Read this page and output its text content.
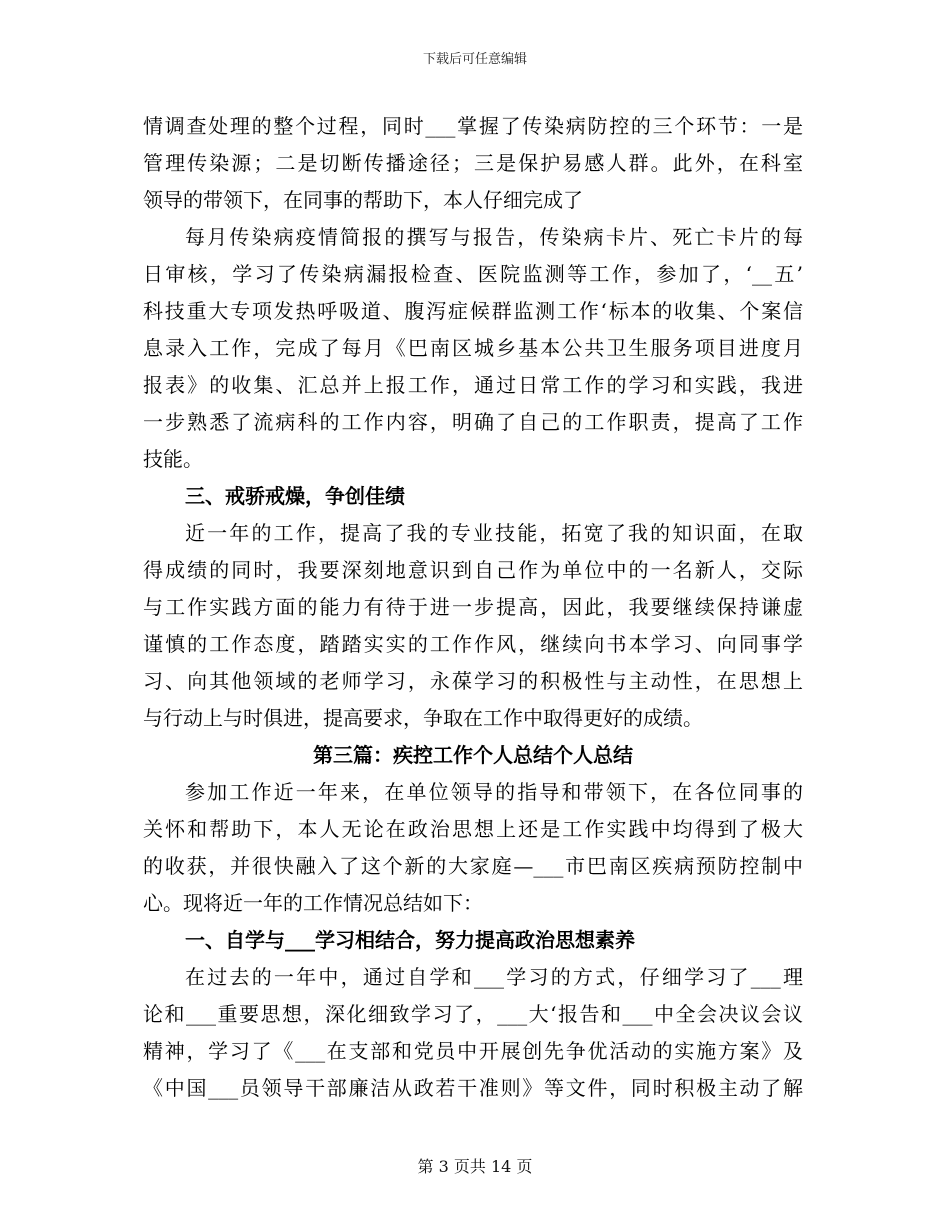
下载后可任意编辑
情调查处理的整个过程，同时___掌握了传染病防控的三个环节：一是
管理传染源；二是切断传播途径；三是保护易感人群。此外，在科室
领导的带领下，在同事的帮助下，本人仔细完成了
每月传染病疫情简报的撰写与报告，传染病卡片、死亡卡片的每
日审核，学习了传染病漏报检查、医院监测等工作，参加了，‘__五’
科技重大专项发热呼吸道、腹泻症候群监测工作‘标本的收集、个案信
息录入工作，完成了每月《巴南区城乡基本公共卫生服务项目进度月
报表》的收集、汇总并上报工作，通过日常工作的学习和实践，我进
一步熟悉了流病科的工作内容，明确了自己的工作职责，提高了工作
技能。
三、戒骄戒燥，争创佳绩
近一年的工作，提高了我的专业技能，拓宽了我的知识面，在取
得成绩的同时，我要深刻地意识到自己作为单位中的一名新人，交际
与工作实践方面的能力有待于进一步提高，因此，我要继续保持谦虚
谨慎的工作态度，踏踏实实的工作作风，继续向书本学习、向同事学
习、向其他领域的老师学习，永葆学习的积极性与主动性，在思想上
与行动上与时俱进，提高要求，争取在工作中取得更好的成绩。
第三篇：疾控工作个人总结个人总结
参加工作近一年来，在单位领导的指导和带领下，在各位同事的
关怀和帮助下，本人无论在政治思想上还是工作实践中均得到了极大
的收获，并很快融入了这个新的大家庭—___市巴南区疾病预防控制中
心。现将近一年的工作情况总结如下：
一、自学与___学习相结合，努力提高政治思想素养
在过去的一年中，通过自学和___学习的方式，仔细学习了___理
论和___重要思想，深化细致学习了，___大‘报告和___中全会决议会议
精神，学习了《___在支部和党员中开展创先争优活动的实施方案》及
《中国___员领导干部廉洁从政若干准则》等文件，同时积极主动了解
第 3 页共 14 页
